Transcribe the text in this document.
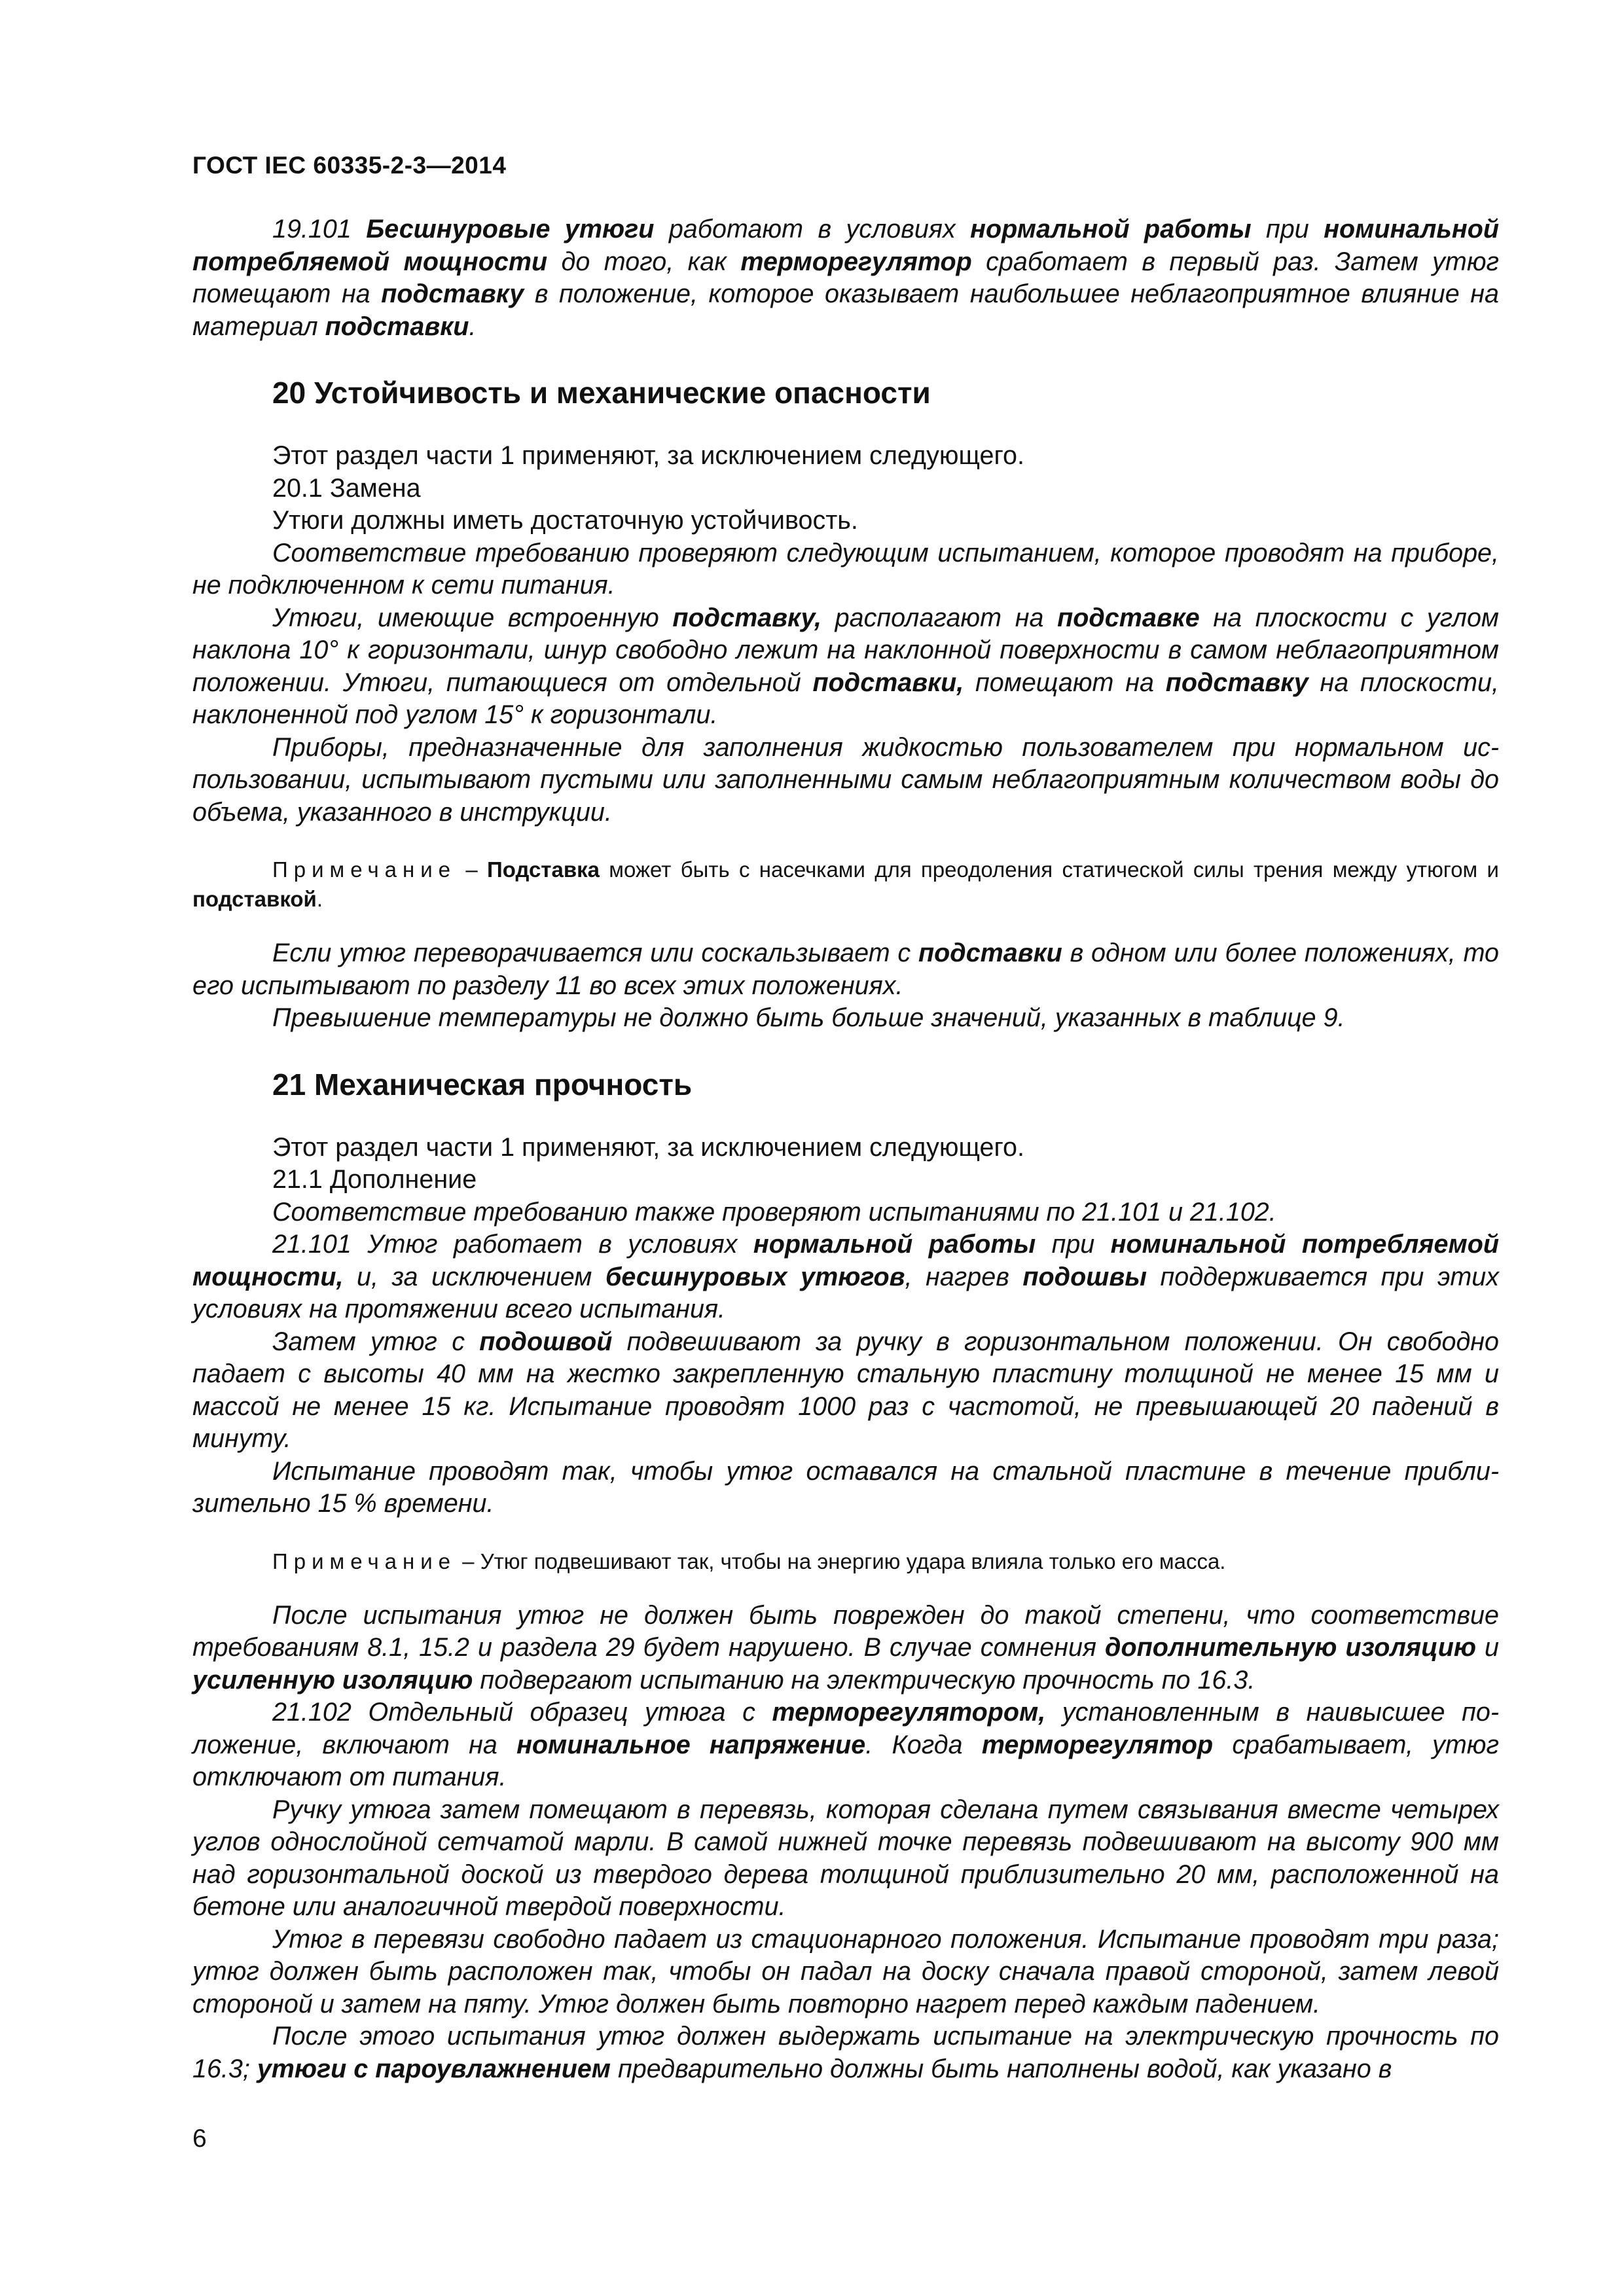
ГОСТ IEC 60335-2-3—2014

19.101 Бесшнуровые утюги работают в условиях нормальной работы при номинальной потребляемой мощности до того, как терморегулятор сработает в первый раз. Затем утюг помещают на подставку в положение, которое оказывает наибольшее неблагоприятное влияние на материал подставки.

20 Устойчивость и механические опасности

Этот раздел части 1 применяют, за исключением следующего.

20.1 Замена

Утюги должны иметь достаточную устойчивость.

Соответствие требованию проверяют следующим испытанием, которое проводят на приборе, не подключенном к сети питания.

Утюги, имеющие встроенную подставку, располагают на подставке на плоскости с углом наклона 10° к горизонтали, шнур свободно лежит на наклонной поверхности в самом неблагоприятном положении. Утюги, питающиеся от отдельной подставки, помещают на подставку на плоскости, наклоненной под углом 15° к горизонтали.

Приборы, предназначенные для заполнения жидкостью пользователем при нормальном использовании, испытывают пустыми или заполненными самым неблагоприятным количеством воды до объема, указанного в инструкции.

Примечание – Подставка может быть с насечками для преодоления статической силы трения между утюгом и подставкой.

Если утюг переворачивается или соскальзывает с подставки в одном или более положениях, то его испытывают по разделу 11 во всех этих положениях.

Превышение температуры не должно быть больше значений, указанных в таблице 9.

21 Механическая прочность

Этот раздел части 1 применяют, за исключением следующего.

21.1 Дополнение

Соответствие требованию также проверяют испытаниями по 21.101 и 21.102.

21.101 Утюг работает в условиях нормальной работы при номинальной потребляемой мощности, и, за исключением бесшнуровых утюгов, нагрев подошвы поддерживается при этих условиях на протяжении всего испытания.

Затем утюг с подошвой подвешивают за ручку в горизонтальном положении. Он свободно падает с высоты 40 мм на жестко закрепленную стальную пластину толщиной не менее 15 мм и массой не менее 15 кг. Испытание проводят 1000 раз с частотой, не превышающей 20 падений в минуту.

Испытание проводят так, чтобы утюг оставался на стальной пластине в течение приблизительно 15 % времени.

Примечание – Утюг подвешивают так, чтобы на энергию удара влияла только его масса.

После испытания утюг не должен быть поврежден до такой степени, что соответствие требованиям 8.1, 15.2 и раздела 29 будет нарушено. В случае сомнения дополнительную изоляцию и усиленную изоляцию подвергают испытанию на электрическую прочность по 16.3.

21.102 Отдельный образец утюга с терморегулятором, установленным в наивысшее положение, включают на номинальное напряжение. Когда терморегулятор срабатывает, утюг отключают от питания.

Ручку утюга затем помещают в перевязь, которая сделана путем связывания вместе четырех углов однослойной сетчатой марли. В самой нижней точке перевязь подвешивают на высоту 900 мм над горизонтальной доской из твердого дерева толщиной приблизительно 20 мм, расположенной на бетоне или аналогичной твердой поверхности.

Утюг в перевязи свободно падает из стационарного положения. Испытание проводят три раза; утюг должен быть расположен так, чтобы он падал на доску сначала правой стороной, затем левой стороной и затем на пяту. Утюг должен быть повторно нагрет перед каждым падением.

После этого испытания утюг должен выдержать испытание на электрическую прочность по 16.3; утюги с пароувлажнением предварительно должны быть наполнены водой, как указано в

6
